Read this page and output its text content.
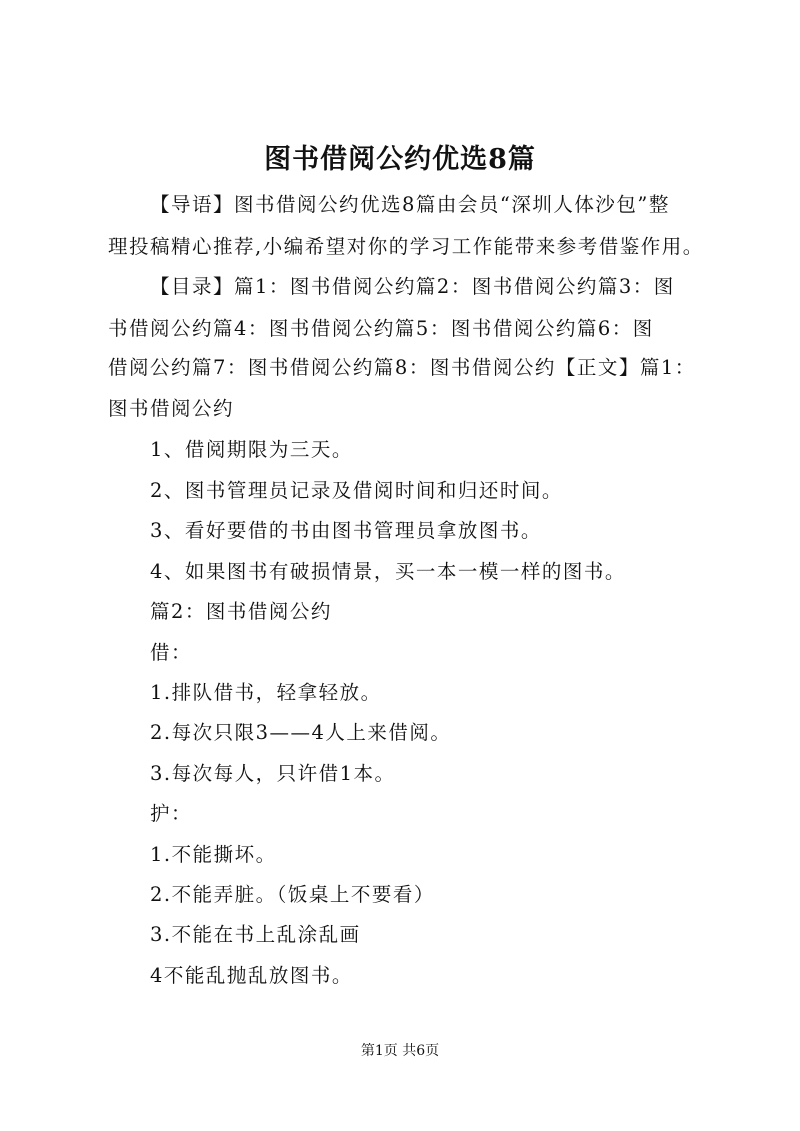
图书借阅公约优选8篇
【导语】图书借阅公约优选8篇由会员“深圳人体沙包”整
理投稿精心推荐,小编希望对你的学习工作能带来参考借鉴作用。
【目录】篇1：图书借阅公约篇2：图书借阅公约篇3：图
书借阅公约篇4：图书借阅公约篇5：图书借阅公约篇6：图
借阅公约篇7：图书借阅公约篇8：图书借阅公约【正文】篇1：
图书借阅公约
1、借阅期限为三天。
2、图书管理员记录及借阅时间和归还时间。
3、看好要借的书由图书管理员拿放图书。
4、如果图书有破损情景，买一本一模一样的图书。
篇2：图书借阅公约
借：
1.排队借书，轻拿轻放。
2.每次只限3——4人上来借阅。
3.每次每人，只许借1本。
护：
1.不能撕坏。
2.不能弄脏。（饭桌上不要看）
3.不能在书上乱涂乱画
4不能乱抛乱放图书。
第1页 共6页
